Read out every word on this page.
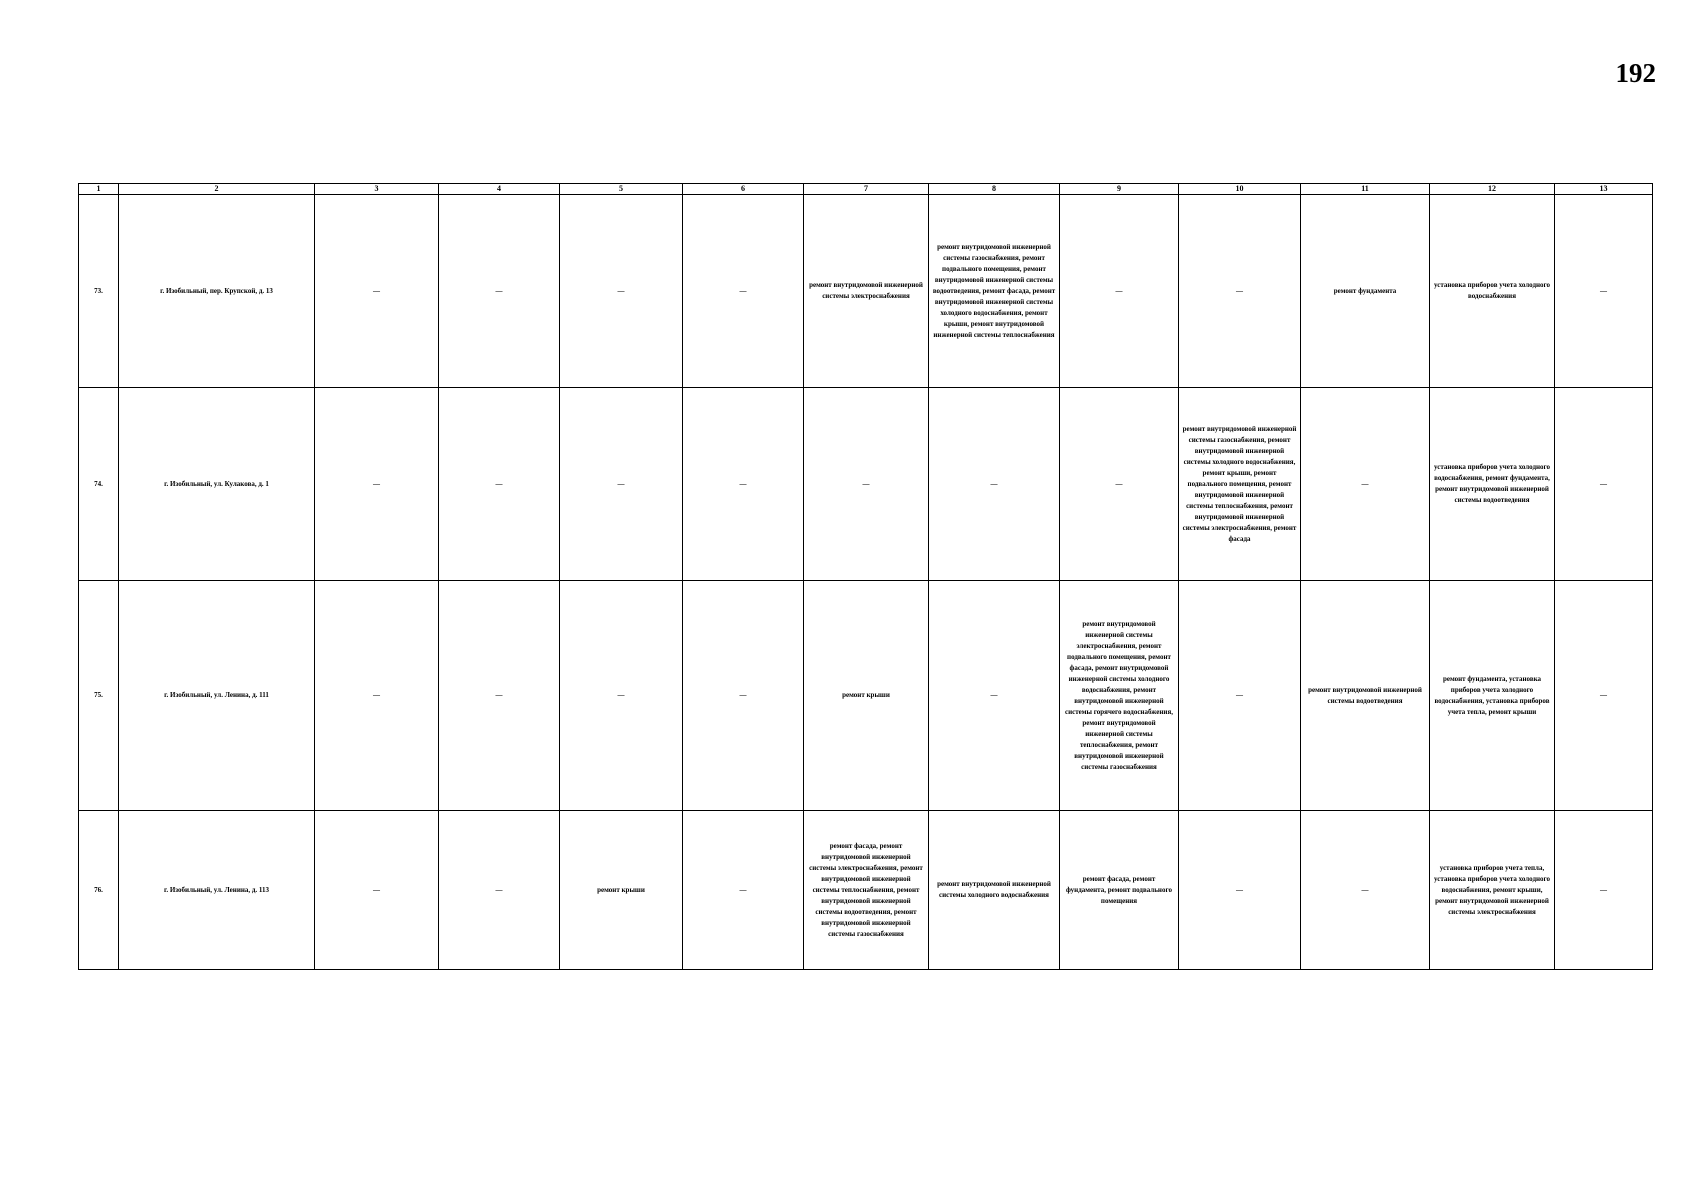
192
1	2	3	4	5	6	7	8	9	10	11	12	13
73.	г. Изобильный, пер. Крупской, д. 13	—	—	—	—	ремонт внутридомовой инженерной системы электроснабжения	ремонт внутридомовой инженерной системы газоснабжения, ремонт подвального помещения, ремонт внутридомовой инженерной системы водоотведения, ремонт фасада, ремонт внутридомовой инженерной системы холодного водоснабжения, ремонт крыши, ремонт внутридомовой инженерной системы теплоснабжения	—	—	ремонт фундамента	установка приборов учета холодного водоснабжения	—
74.	г. Изобильный, ул. Кулакова, д. 1	—	—	—	—	—	—	—	ремонт внутридомовой инженерной системы газоснабжения, ремонт внутридомовой инженерной системы холодного водоснабжения, ремонт крыши, ремонт подвального помещения, ремонт внутридомовой инженерной системы теплоснабжения, ремонт внутридомовой инженерной системы электроснабжения, ремонт фасада	—	установка приборов учета холодного водоснабжения, ремонт фундамента, ремонт внутридомовой инженерной системы водоотведения	—
75.	г. Изобильный, ул. Ленина, д. 111	—	—	—	—	ремонт крыши	—	ремонт внутридомовой инженерной системы электроснабжения, ремонт подвального помещения, ремонт фасада, ремонт внутридомовой инженерной системы холодного водоснабжения, ремонт внутридомовой инженерной системы горячего водоснабжения, ремонт внутридомовой инженерной системы теплоснабжения, ремонт внутридомовой инженерной системы газоснабжения	—	ремонт внутридомовой инженерной системы водоотведения	ремонт фундамента, установка приборов учета холодного водоснабжения, установка приборов учета тепла, ремонт крыши	—
76.	г. Изобильный, ул. Ленина, д. 113	—	—	ремонт крыши	—	ремонт фасада, ремонт внутридомовой инженерной системы электроснабжения, ремонт внутридомовой инженерной системы теплоснабжения, ремонт внутридомовой инженерной системы водоотведения, ремонт внутридомовой инженерной системы газоснабжения	ремонт внутридомовой инженерной системы холодного водоснабжения	ремонт фасада, ремонт фундамента, ремонт подвального помещения	—	—	установка приборов учета тепла, установка приборов учета холодного водоснабжения, ремонт крыши, ремонт внутридомовой инженерной системы электроснабжения	—
